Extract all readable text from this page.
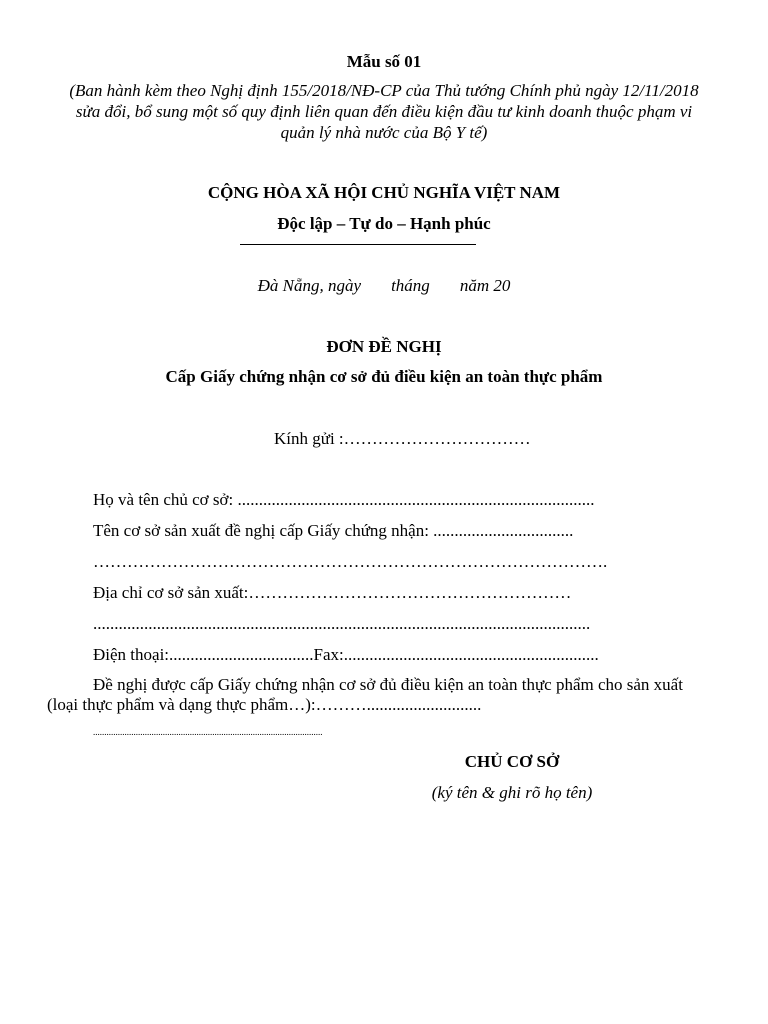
Mẫu số 01
(Ban hành kèm theo Nghị định 155/2018/NĐ-CP của Thủ tướng Chính phủ ngày 12/11/2018
sửa đổi, bổ sung một số quy định liên quan đến điều kiện đầu tư kinh doanh thuộc phạm vi
quản lý nhà nước của Bộ Y tế)
CỘNG HÒA XÃ HỘI CHỦ NGHĨA VIỆT NAM
Độc lập – Tự do – Hạnh phúc
Đà Nẵng, ngày tháng năm 20
ĐƠN ĐỀ NGHỊ
Cấp Giấy chứng nhận cơ sở đủ điều kiện an toàn thực phẩm
Kính gửi :……………………………
Họ và tên chủ cơ sở: ....................................................................................
Tên cơ sở sản xuất đề nghị cấp Giấy chứng nhận: .................................
……………………………………………………………………………….
Địa chỉ cơ sở sản xuất:…………………………………………………
.....................................................................................................................
Điện thoại:..................................Fax:............................................................
Đề nghị được cấp Giấy chứng nhận cơ sở đủ điều kiện an toàn thực phẩm cho sản xuất
(loại thực phẩm và dạng thực phẩm…):………...........................
......................................................................................................
CHỦ CƠ SỞ
(ký tên & ghi rõ họ tên)
